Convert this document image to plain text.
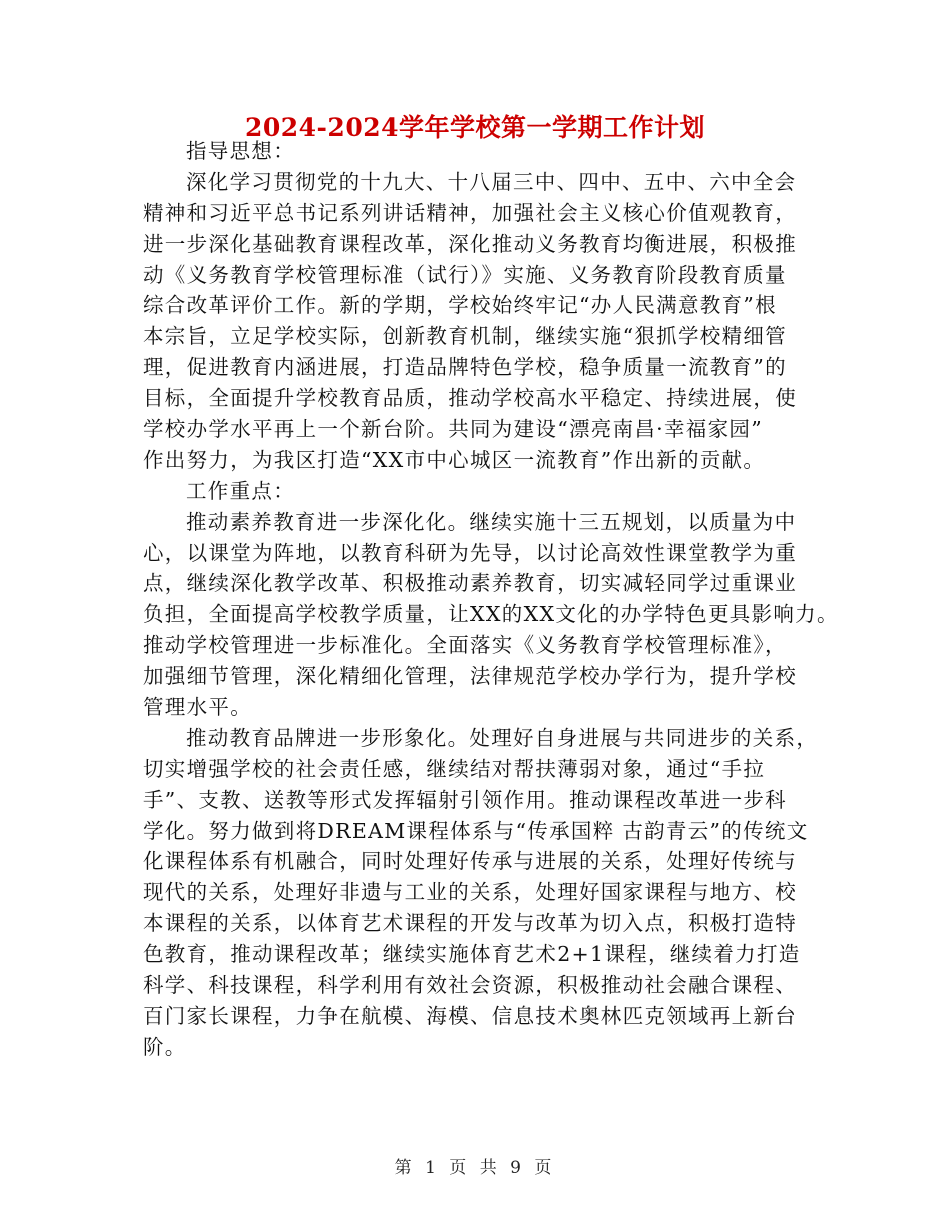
2024-2024学年学校第一学期工作计划
指导思想：
深化学习贯彻党的十九大、十八届三中、四中、五中、六中全会
精神和习近平总书记系列讲话精神，加强社会主义核心价值观教育，
进一步深化基础教育课程改革，深化推动义务教育均衡进展，积极推
动《义务教育学校管理标准（试行）》实施、义务教育阶段教育质量
综合改革评价工作。新的学期，学校始终牢记“办人民满意教育”根
本宗旨，立足学校实际，创新教育机制，继续实施“狠抓学校精细管
理，促进教育内涵进展，打造品牌特色学校，稳争质量一流教育”的
目标，全面提升学校教育品质，推动学校高水平稳定、持续进展，使
学校办学水平再上一个新台阶。共同为建设“漂亮南昌·幸福家园”
作出努力，为我区打造“XX市中心城区一流教育”作出新的贡献。
工作重点：
推动素养教育进一步深化化。继续实施十三五规划，以质量为中
心，以课堂为阵地，以教育科研为先导，以讨论高效性课堂教学为重
点，继续深化教学改革、积极推动素养教育，切实减轻同学过重课业
负担，全面提高学校教学质量，让XX的XX文化的办学特色更具影响力。
推动学校管理进一步标准化。全面落实《义务教育学校管理标准》，
加强细节管理，深化精细化管理，法律规范学校办学行为，提升学校
管理水平。
推动教育品牌进一步形象化。处理好自身进展与共同进步的关系，
切实增强学校的社会责任感，继续结对帮扶薄弱对象，通过“手拉
手”、支教、送教等形式发挥辐射引领作用。推动课程改革进一步科
学化。努力做到将DREAM课程体系与“传承国粹 古韵青云”的传统文
化课程体系有机融合，同时处理好传承与进展的关系，处理好传统与
现代的关系，处理好非遗与工业的关系，处理好国家课程与地方、校
本课程的关系，以体育艺术课程的开发与改革为切入点，积极打造特
色教育，推动课程改革；继续实施体育艺术2+1课程，继续着力打造
科学、科技课程，科学利用有效社会资源，积极推动社会融合课程、
百门家长课程，力争在航模、海模、信息技术奥林匹克领域再上新台
阶。
第 1 页 共 9 页
